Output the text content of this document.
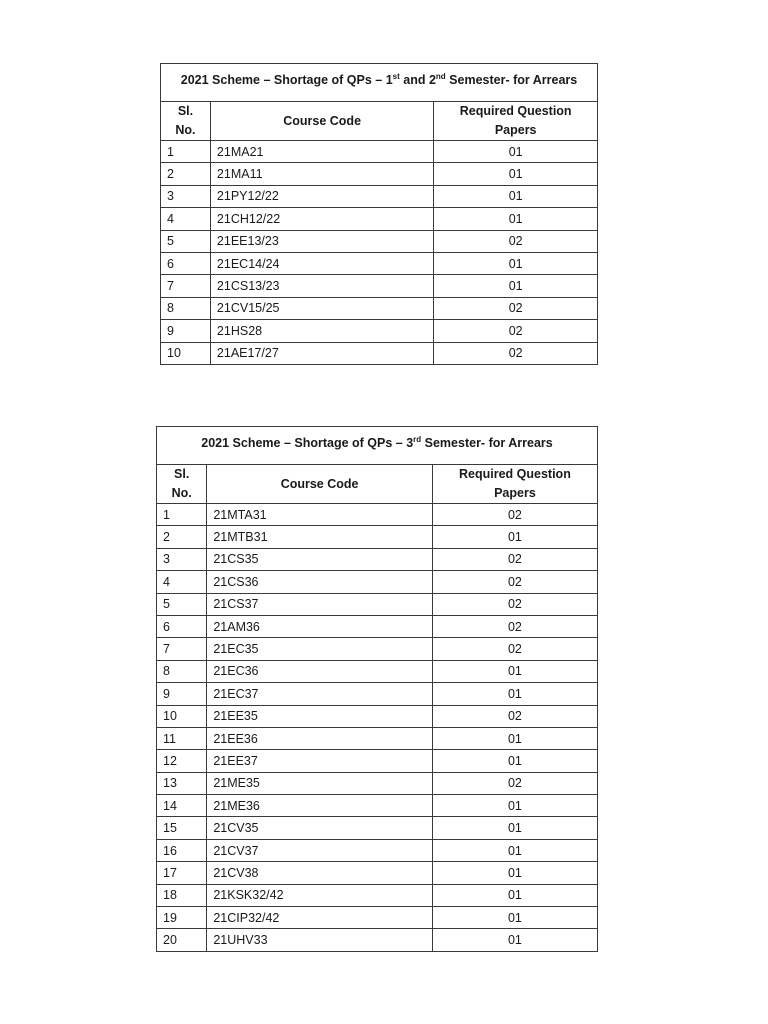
2021 Scheme – Shortage of QPs – 1st and 2nd Semester- for Arrears		
Sl.
No.	Course Code	Required Question
Papers
1	21MA21	01
2	21MA11	01
3	21PY12/22	01
4	21CH12/22	01
5	21EE13/23	02
6	21EC14/24	01
7	21CS13/23	01
8	21CV15/25	02
9	21HS28	02
10	21AE17/27	02
2021 Scheme – Shortage of QPs – 3rd Semester- for Arrears		
Sl.
No.	Course Code	Required Question
Papers
1	21MTA31	02
2	21MTB31	01
3	21CS35	02
4	21CS36	02
5	21CS37	02
6	21AM36	02
7	21EC35	02
8	21EC36	01
9	21EC37	01
10	21EE35	02
11	21EE36	01
12	21EE37	01
13	21ME35	02
14	21ME36	01
15	21CV35	01
16	21CV37	01
17	21CV38	01
18	21KSK32/42	01
19	21CIP32/42	01
20	21UHV33	01
